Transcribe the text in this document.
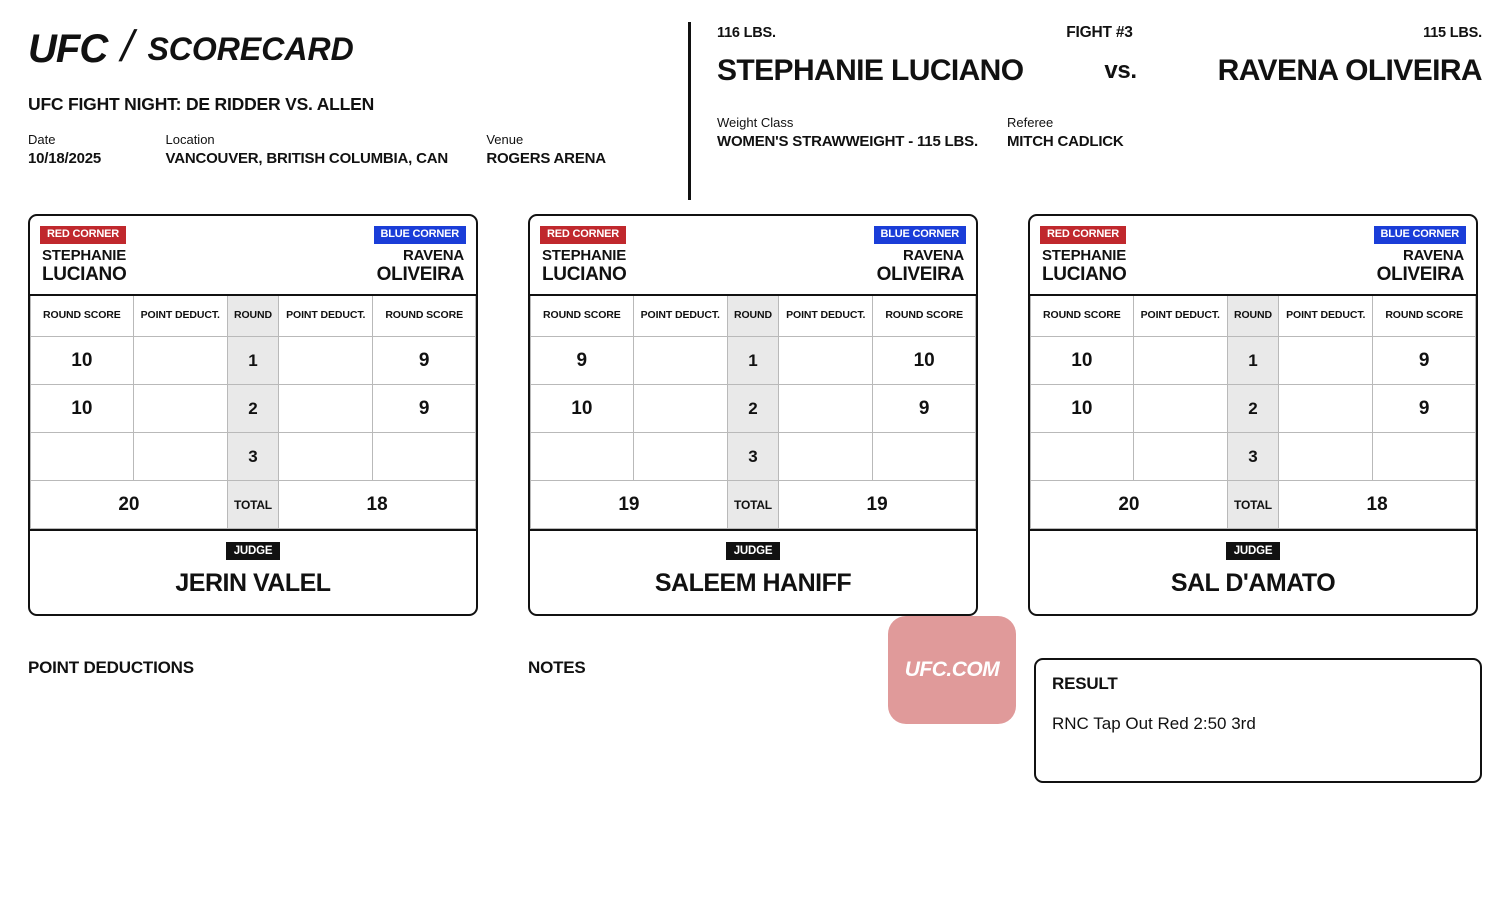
UFC / SCORECARD
UFC FIGHT NIGHT: DE RIDDER VS. ALLEN
Date
10/18/2025
Location
VANCOUVER, BRITISH COLUMBIA, CAN
Venue
ROGERS ARENA
116 LBS.	FIGHT #3	115 LBS.
STEPHANIE LUCIANO	vs.	RAVENA OLIVEIRA
Weight Class
WOMEN'S STRAWWEIGHT - 115 LBS.
Referee
MITCH CADLICK
RED CORNER	BLUE CORNER
STEPHANIE
LUCIANO
RAVENA
OLIVEIRA
ROUND SCORE	POINT DEDUCT.	ROUND	POINT DEDUCT.	ROUND SCORE
10		1		9
10		2		9
		3		
20		TOTAL	18	
JUDGE
JERIN VALEL
RED CORNER	BLUE CORNER
STEPHANIE
LUCIANO
RAVENA
OLIVEIRA
ROUND SCORE	POINT DEDUCT.	ROUND	POINT DEDUCT.	ROUND SCORE
9		1		10
10		2		9
		3		
19		TOTAL	19	
JUDGE
SALEEM HANIFF
RED CORNER	BLUE CORNER
STEPHANIE
LUCIANO
RAVENA
OLIVEIRA
ROUND SCORE	POINT DEDUCT.	ROUND	POINT DEDUCT.	ROUND SCORE
10		1		9
10		2		9
		3		
20		TOTAL	18	
JUDGE
SAL D'AMATO
POINT DEDUCTIONS	NOTES	UFC.COM
RESULT
RNC Tap Out Red 2:50 3rd
